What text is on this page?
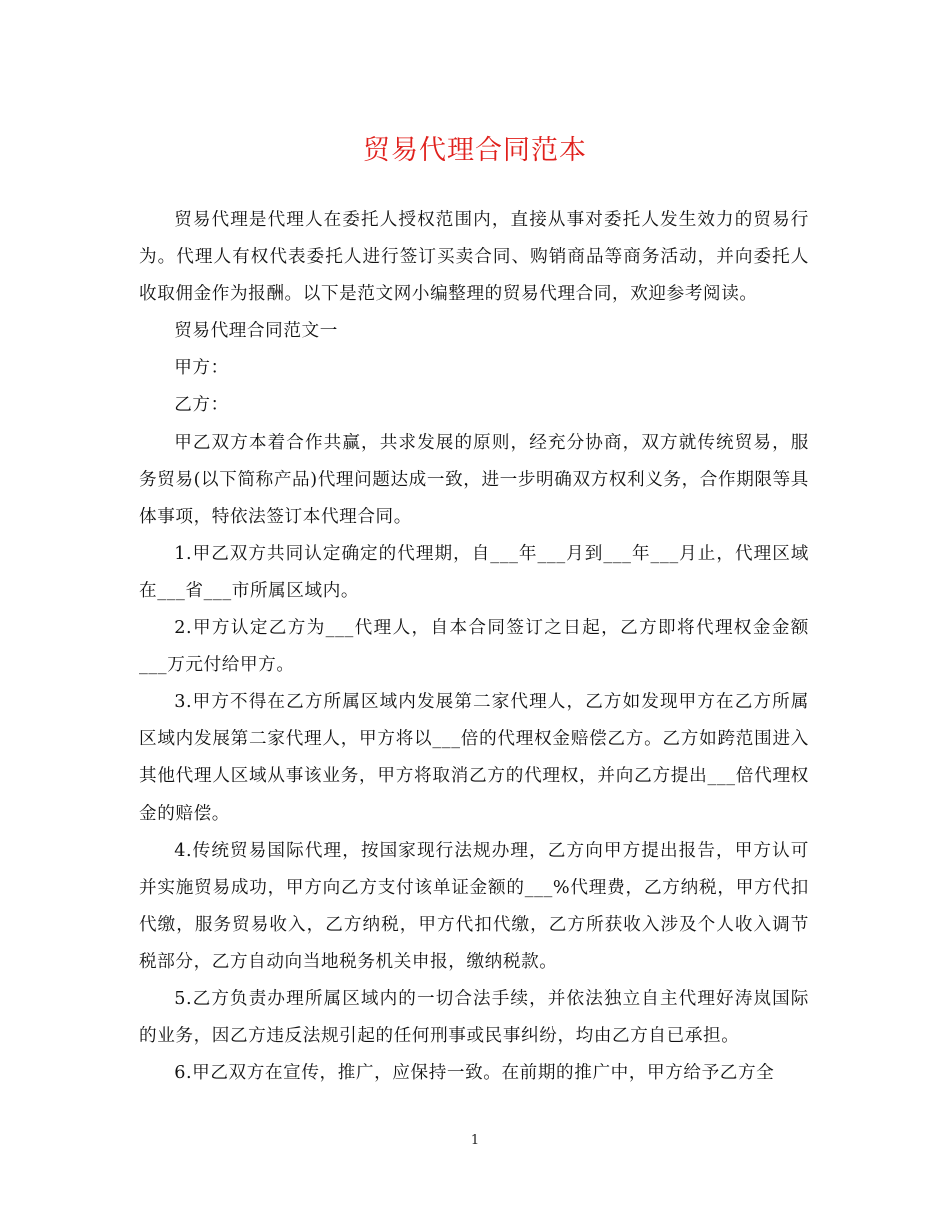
贸易代理合同范本

贸易代理是代理人在委托人授权范围内，直接从事对委托人发生效力的贸易行为。代理人有权代表委托人进行签订买卖合同、购销商品等商务活动，并向委托人收取佣金作为报酬。以下是范文网小编整理的贸易代理合同，欢迎参考阅读。

贸易代理合同范文一

甲方：

乙方：

甲乙双方本着合作共赢，共求发展的原则，经充分协商，双方就传统贸易，服务贸易(以下简称产品)代理问题达成一致，进一步明确双方权利义务，合作期限等具体事项，特依法签订本代理合同。

1.甲乙双方共同认定确定的代理期，自___年___月到___年___月止，代理区域在___省___市所属区域内。

2.甲方认定乙方为___代理人，自本合同签订之日起，乙方即将代理权金金额___万元付给甲方。

3.甲方不得在乙方所属区域内发展第二家代理人，乙方如发现甲方在乙方所属区域内发展第二家代理人，甲方将以___倍的代理权金赔偿乙方。乙方如跨范围进入其他代理人区域从事该业务，甲方将取消乙方的代理权，并向乙方提出___倍代理权金的赔偿。

4.传统贸易国际代理，按国家现行法规办理，乙方向甲方提出报告，甲方认可并实施贸易成功，甲方向乙方支付该单证金额的___%代理费，乙方纳税，甲方代扣代缴，服务贸易收入，乙方纳税，甲方代扣代缴，乙方所获收入涉及个人收入调节税部分，乙方自动向当地税务机关申报，缴纳税款。

5.乙方负责办理所属区域内的一切合法手续，并依法独立自主代理好涛岚国际的业务，因乙方违反法规引起的任何刑事或民事纠纷，均由乙方自已承担。

6.甲乙双方在宣传，推广，应保持一致。在前期的推广中，甲方给予乙方全

1
